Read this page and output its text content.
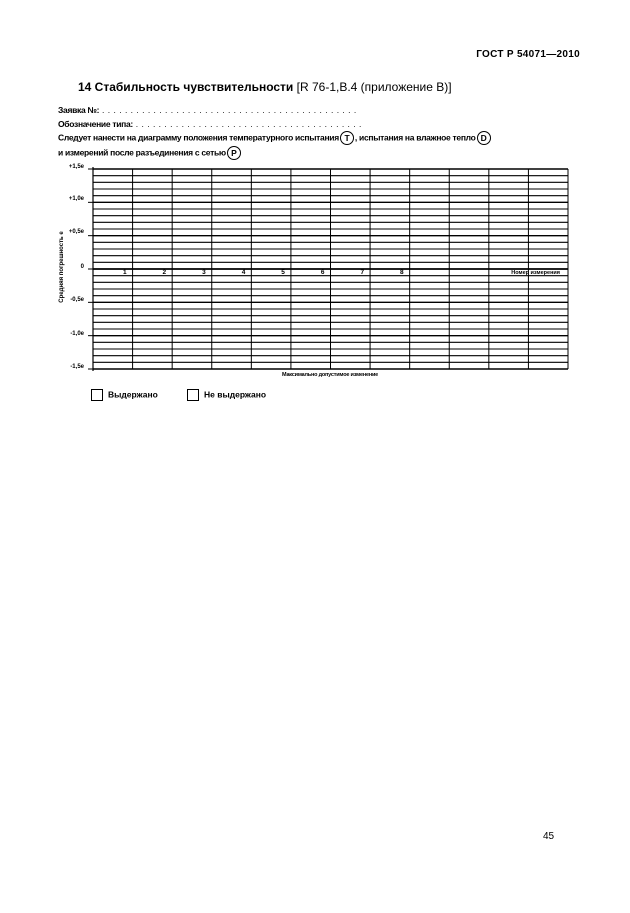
ГОСТ Р 54071—2010
14 Стабильность чувствительности [R 76-1,B.4 (приложение B)]
Заявка №: . . . . . . . . . . . . . . . . . . . . . . . . . . . . . . . . . . . . . . . . . . . . .
Обозначение типа: . . . . . . . . . . . . . . . . . . . . . . . . . . . . . . . . . . . . . . . .
Следует нанести на диаграмму положения температурного испытания T , испытания на влажное тепло D
и измерений после разъединения с сетью P
+1,5e
+1,0e
+0,5e
0
-0,5e
-1,0e
-1,5e
Средняя погрешность e	1	2	3	4	5	6	7	8	Номер измерения
Максимально допустимое изменение
Выдержано	Не выдержано
45
